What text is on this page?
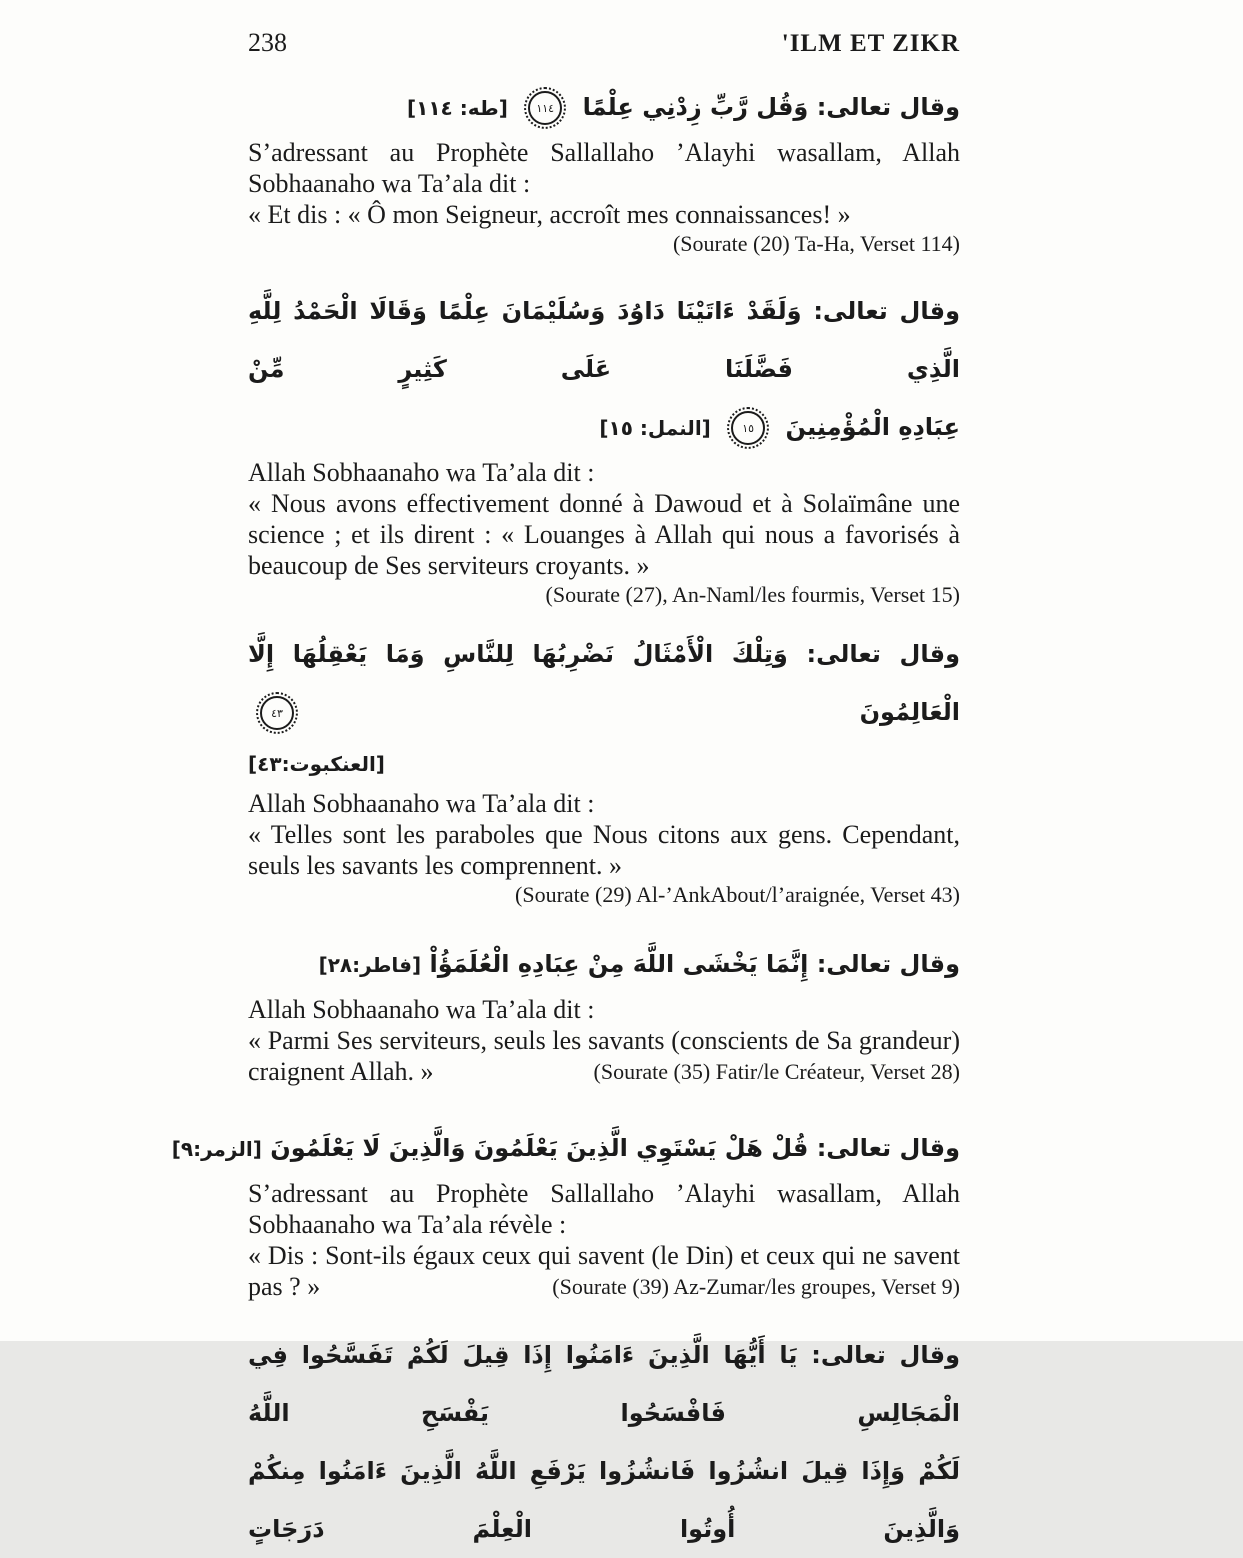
238	'ILM ET ZIKR
وقال تعالى: وَقُل رَّبِّ زِدْنِي عِلْمًا
١١٤
[طه: ١١٤]

S’adressant au Prophète Sallallaho ’Alayhi wasallam, Allah Sobhaanaho wa Ta’ala dit :

« Et dis : « Ô mon Seigneur, accroît mes connaissances! »

(Sourate (20) Ta-Ha, Verset 114)
وقال تعالى: وَلَقَدْ ءَاتَيْنَا دَاوُدَ وَسُلَيْمَانَ عِلْمًا وَقَالَا الْحَمْدُ لِلَّهِ الَّذِي فَضَّلَنَا عَلَى كَثِيرٍ مِّنْ
عِبَادِهِ الْمُؤْمِنِينَ
١٥
[النمل: ١٥]

Allah Sobhaanaho wa Ta’ala dit :

« Nous avons effectivement donné à Dawoud et à Solaïmâne une science ; et ils dirent : « Louanges à Allah qui nous a favorisés à beaucoup de Ses serviteurs croyants. »

(Sourate (27), An-Naml/les fourmis, Verset 15)
وقال تعالى: وَتِلْكَ الْأَمْثَالُ نَضْرِبُهَا لِلنَّاسِ وَمَا يَعْقِلُهَا إِلَّا الْعَالِمُونَ
٤٣
[العنكبوت:٤٣]

Allah Sobhaanaho wa Ta’ala dit :

« Telles sont les paraboles que Nous citons aux gens. Cependant, seuls les savants les comprennent. »

(Sourate (29) Al-’AnkAbout/l’araignée, Verset 43)
وقال تعالى: إِنَّمَا يَخْشَى اللَّهَ مِنْ عِبَادِهِ الْعُلَمَؤُاْ [فاطر:٢٨]

Allah Sobhaanaho wa Ta’ala dit :

« Parmi Ses serviteurs, seuls les savants (conscients de Sa grandeur) craignent Allah. »	(Sourate (35) Fatir/le Créateur, Verset 28)

وقال تعالى: قُلْ هَلْ يَسْتَوِي الَّذِينَ يَعْلَمُونَ وَالَّذِينَ لَا يَعْلَمُونَ [الزمر:٩]

S’adressant au Prophète Sallallaho ’Alayhi wasallam, Allah Sobhaanaho wa Ta’ala révèle :

« Dis : Sont-ils égaux ceux qui savent (le Din) et ceux qui ne savent pas ? »	(Sourate (39) Az-Zumar/les groupes, Verset 9)

وقال تعالى: يَا أَيُّهَا الَّذِينَ ءَامَنُوا إِذَا قِيلَ لَكُمْ تَفَسَّحُوا فِي الْمَجَالِسِ فَافْسَحُوا يَفْسَحِ اللَّهُ
لَكُمْ وَإِذَا قِيلَ انشُزُوا فَانشُزُوا يَرْفَعِ اللَّهُ الَّذِينَ ءَامَنُوا مِنكُمْ وَالَّذِينَ أُوتُوا الْعِلْمَ دَرَجَاتٍ
